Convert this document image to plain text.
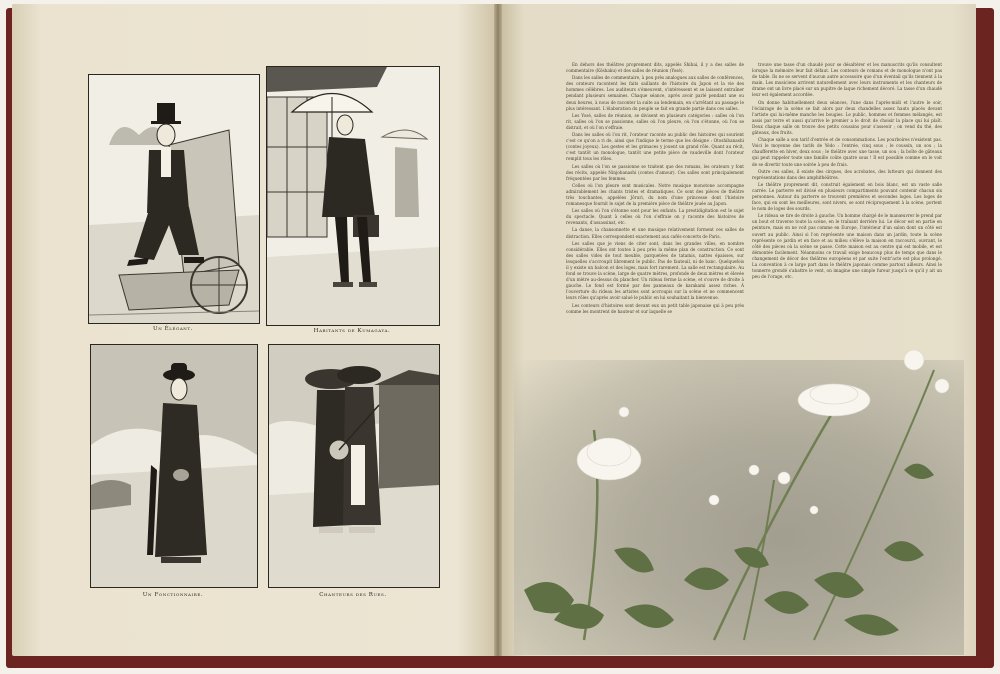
Un Élégant.	Habitants de Kumagaya.
Un Fonctionnaire.	Chanteurs des Rues.

En dehors des théâtres proprement dits, appelés Shibai, il y a des salles de commentaire (Kôshaku) et des salles de réunion (Yosé).

Dans les salles de commentaire, à peu près analogues aux salles de conférences, des orateurs racontent les faits saillants de l'histoire du Japon et la vie des hommes célèbres. Les auditeurs s'émeuvent, s'intéressent et se laissent entraîner pendant plusieurs semaines. Chaque séance, après avoir parlé pendant une ou deux heures, à nous de raconter la suite au lendemain, en s'arrêtant au passage le plus intéressant. L'élaboration du peuple se fait en grande partie dans ces salles.

Les Yosé, salles de réunion, se divisent en plusieurs catégories : salles où l'on rit, salles où l'on se passionne, salles où l'on pleure, où l'on s'étonne, où l'on se distrait, et où l'on s'effraie.

Dans les salles où l'on rit, l'orateur raconte au public des histoires qui sourient c'est ce qu'on a ri de, ainsi que l'indique le terme que les désigne : Otoshibanashi (contes joyeux). Les gestes et les grimaces y jouent un grand rôle. Quant au récit, c'est tantôt un monologue, tantôt une petite pièce de vaudeville dont l'orateur remplit tous les rôles.

Les salles où l'on se passionne se traitent que des romans, les orateurs y font des récits, appelés Ninjobanashi (contes d'amour). Ces salles sont principalement fréquentées par les femmes.

Celles où l'on pleure sont musicales. Notre musique monotone accompagne admirablement les chants tristes et dramatiques. Ce sont des pièces de théâtre très touchantes, appelées Jôruri, du nom d'une princesse dont l'histoire romanesque fournit le sujet de la première pièce de théâtre jouée au Japon.

Les salles où l'on s'étonne sont pour les enfants. La prestidigitation est le sujet du spectacle. Quant à celles où l'on s'effraie on y raconte des histoires de revenants, d'assassinat, etc.

La danse, la chansonnette et une musique relativement forment ces salles de distraction. Elles correspondent exactement aux cafés-concerts de Paris.

Les salles que je viens de citer sont, dans les grandes villes, en nombre considérable. Elles ont toutes à peu près la même plan de construction. Ce sont des salles vides de tout meuble, parquetées de tatamis, nattes épaisses, sur lesquelles s'accroupit librement le public. Pas de fauteuil, ni de banc. Quelquefois il y existe un balcon et des loges, mais fort rarement. La salle est rectangulaire. Au fond se trouve la scène, large de quatre mètres, profonde de deux mètres et élevée d'un mètre au-dessus du plancher. Un rideau ferme la scène, et s'ouvre de droite à gauche. Le fond est formé par des panneaux de karakami assez riches. À l'ouverture du rideau les artistes sont accroupis sur la scène et ne commencent leurs rôles qu'après avoir salué le public en lui souhaitant la bienvenue.

Les conteurs d'histoires sont devant eux un petit table japonaise qui à peu près comme les montrent de hauteur et sur laquelle se

trouve une tasse d'un chaudé pour se désaltérer et les manuscrits qu'ils consultent lorsque la mémoire leur fait défaut. Les conteurs de romans et de monologue n'ont pas de table. Ils ne se servent d'aucun autre accessoire que d'un éventail qu'ils tiennent à la main. Les musiciens arrivent naturellement avec leurs instruments et les chanteurs de drame ont un livre placé sur un pupitre de laque richement décoré. La tasse d'un chaudé leur est également accordée.

On donne habituellement deux séances, l'une dans l'après-midi et l'autre le soir, l'éclairage de la scène se fait alors par deux chandelles assez hauts placés devant l'artiste qui lui-même manche les bougies. Le public, hommes et femmes mélangés, est assis par terre et aussi qu'arrive le premier a le droit de choisir la place qui lui plaît. Deux chaque salle on trouve des petits coussins pour s'asseoir ; on vend du thé, des gâteaux, des fruits.

Chaque salle a son tarif d'entrée et de consommations. Les pourboires n'existent pas. Voici le moyenne des tarifs de Yédo : l'entrée, cinq sous ; le coussin, un sou ; la chaufferette en hiver, deux sous ; le théâtre avec une tasse, un sou ; la boîte de gâteaux qui peut rappeler toute une famille coûte quatre sous ! Il est possible comme on le voit de se divertir toute une soirée à peu de frais.

Outre ces salles, il existe des cirques, des acrobates, des lutteurs qui donnent des représentations dans des amphithéâtres.

Le théâtre proprement dit, construit également en bois blanc, est un vaste salle carrée. Le parterre est divisé en plusieurs compartiments pouvant contenir chacun six personnes. Autour du parterre se trouvent premières et secondes loges. Les loges de face, qui en sont les meilleures, sont nivers, se sont réciproquement à la scène, portent le nom de loges des sourds.

Le rideau se tire de droite à gauche. Un homme chargé de le manœuvrer le prend par un bout et traverse toute la scène, en le traînant derrière lui. Le décor est en partie en peinture, mais on ne voit pas comme en Europe, l'intérieur d'un salon dont un côté est ouvert au public. Ainsi si l'on représente une maison dans un jardin, toute la scène représente ce jardin et en face et au milieu s'élève la maison en raccourci, ouvrant, le côté des pièces où la scène se passe. Cette maison est au centre qui est mobile, et est démontée facilement. Néanmoins ce travail exige beaucoup plus de temps que dans le changement de décor des théâtres européens et par suite l'entr'acte est plus prolongé. La convention à ce large part dans le théâtre japonais comme partout ailleurs. Ainsi le tonnerre grondé s'abattre le vent, on imagine une simple fureur jusqu'à ce qu'il y ait un peu de l'orage, etc.
